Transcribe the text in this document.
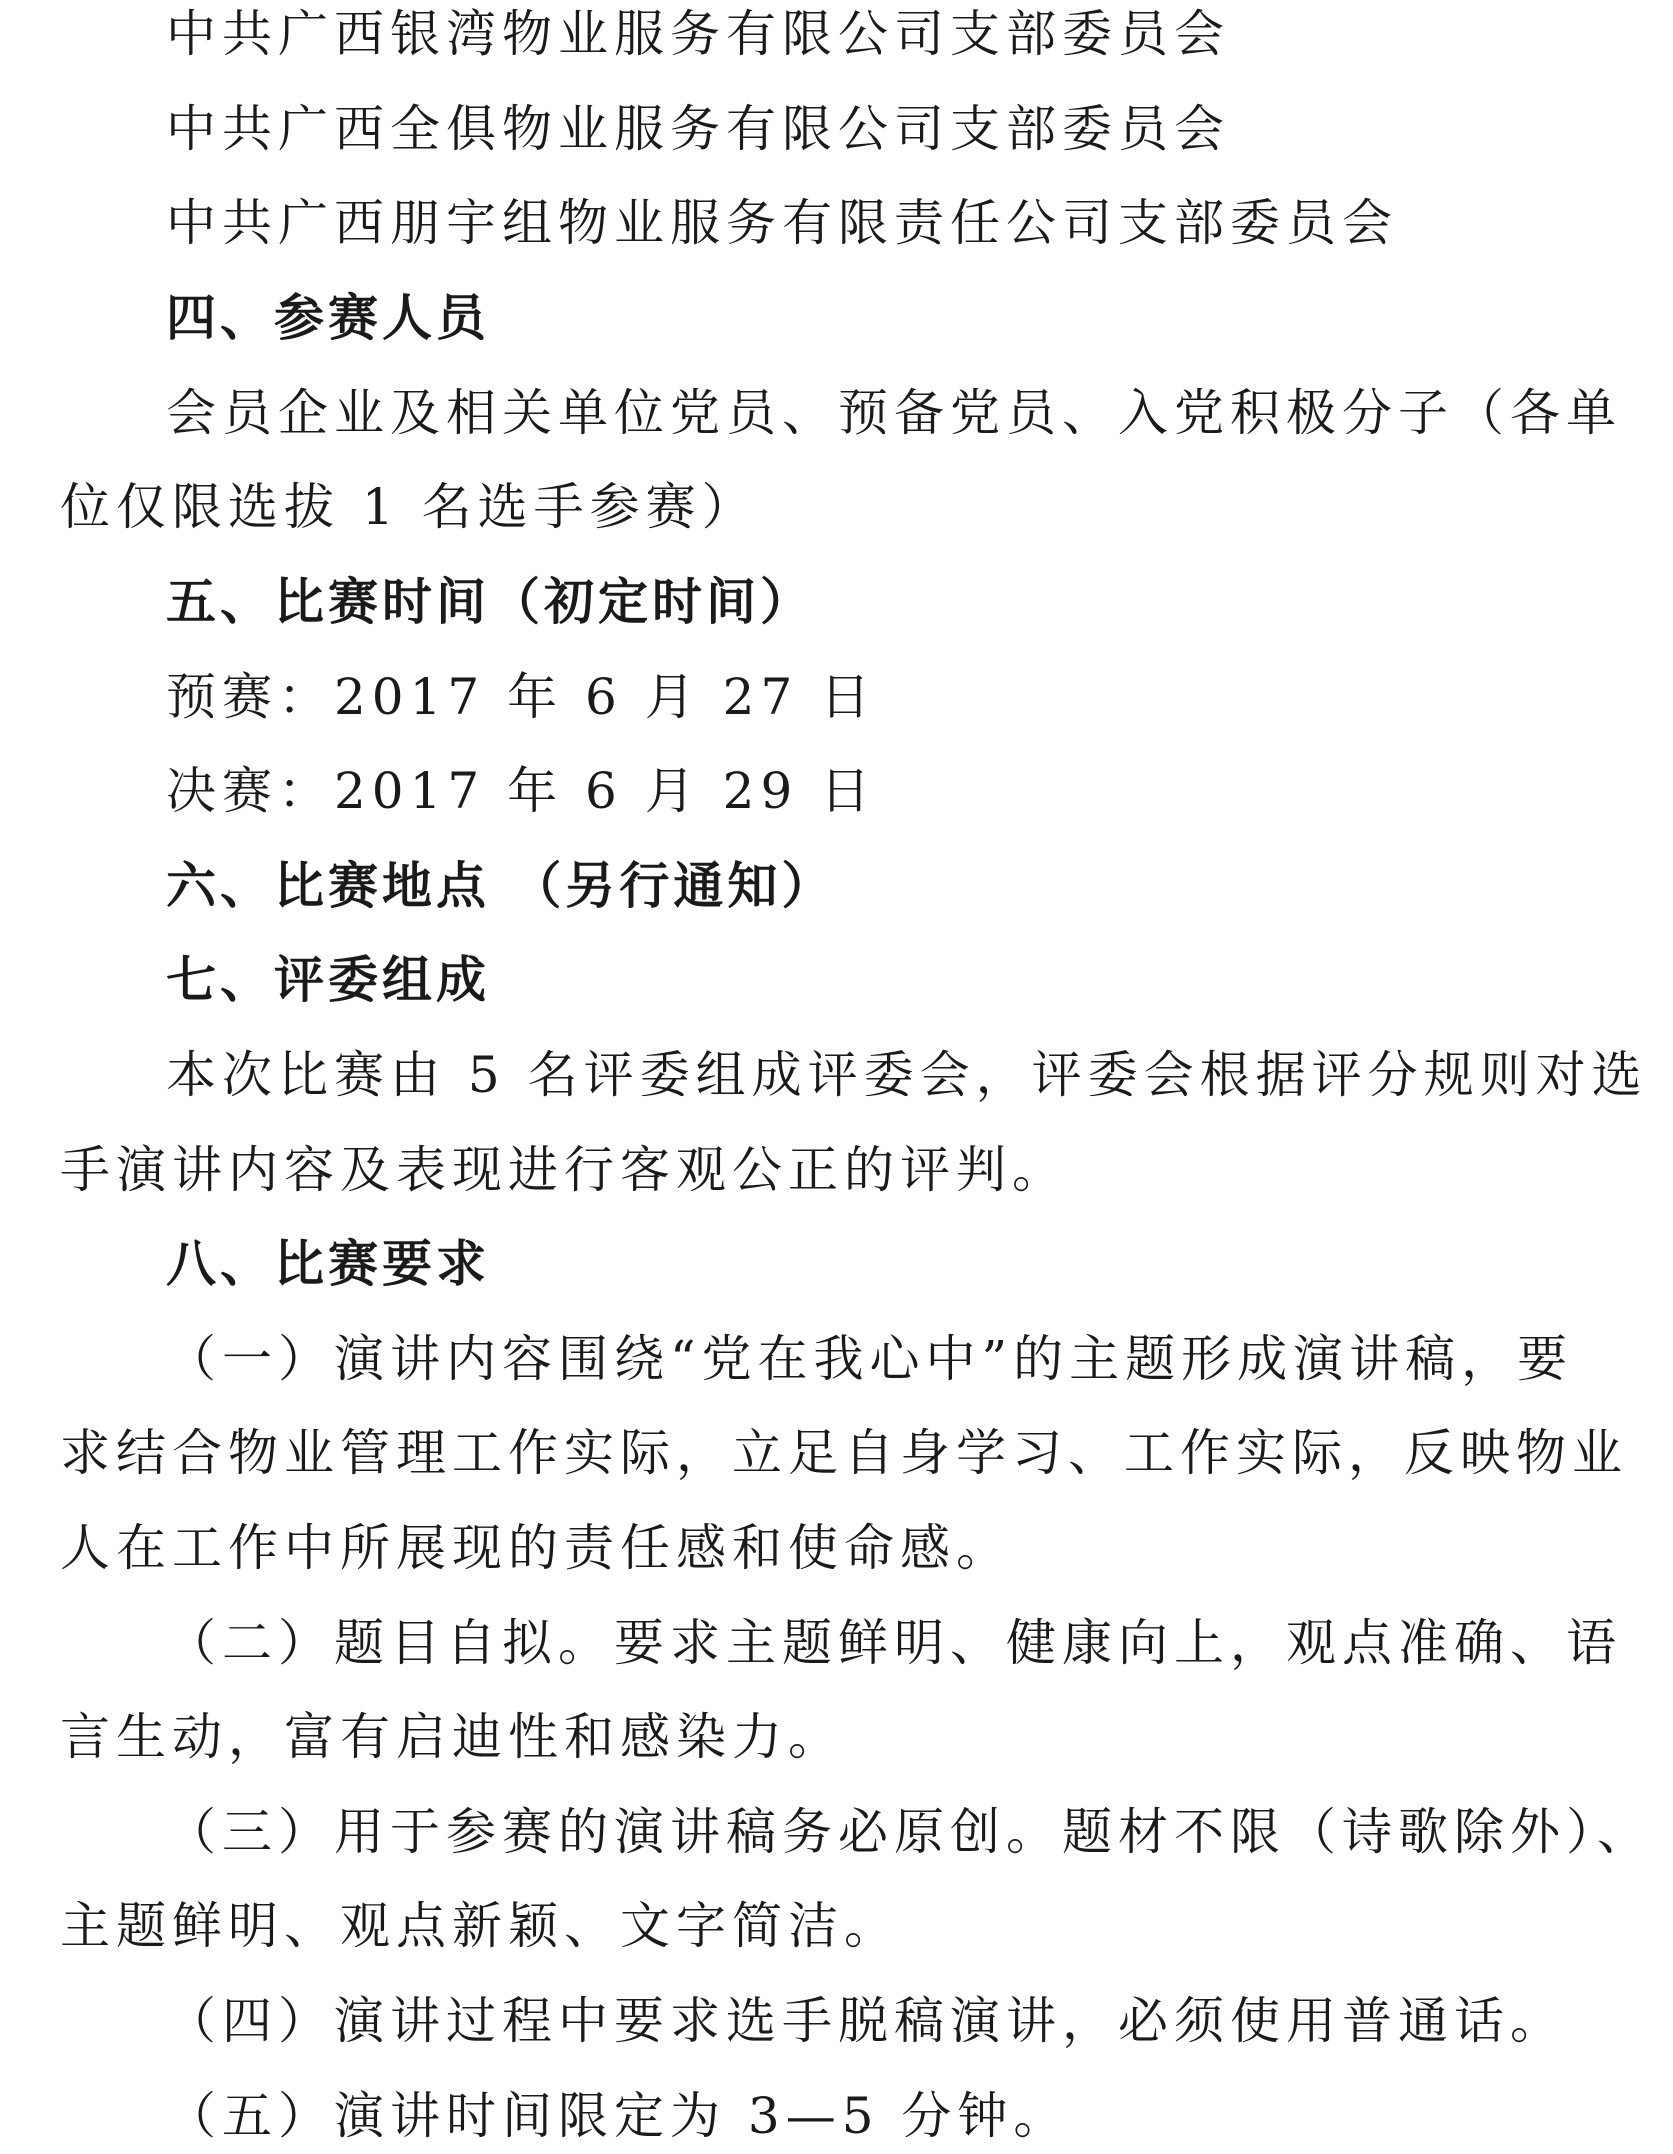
中共广西银湾物业服务有限公司支部委员会
中共广西全俱物业服务有限公司支部委员会
中共广西朋宇组物业服务有限责任公司支部委员会
四、参赛人员
会员企业及相关单位党员、预备党员、入党积极分子（各单
位仅限选拔 1 名选手参赛）
五、比赛时间（初定时间）
预赛：2017 年 6 月 27 日
决赛：2017 年 6 月 29 日
六、比赛地点 （另行通知）
七、评委组成
本次比赛由 5 名评委组成评委会，评委会根据评分规则对选
手演讲内容及表现进行客观公正的评判。
八、比赛要求
（一）演讲内容围绕“党在我心中”的主题形成演讲稿，要
求结合物业管理工作实际，立足自身学习、工作实际，反映物业
人在工作中所展现的责任感和使命感。
（二）题目自拟。要求主题鲜明、健康向上，观点准确、语
言生动，富有启迪性和感染力。
（三）用于参赛的演讲稿务必原创。题材不限（诗歌除外）、
主题鲜明、观点新颖、文字简洁。
（四）演讲过程中要求选手脱稿演讲，必须使用普通话。
（五）演讲时间限定为 3—5 分钟。
